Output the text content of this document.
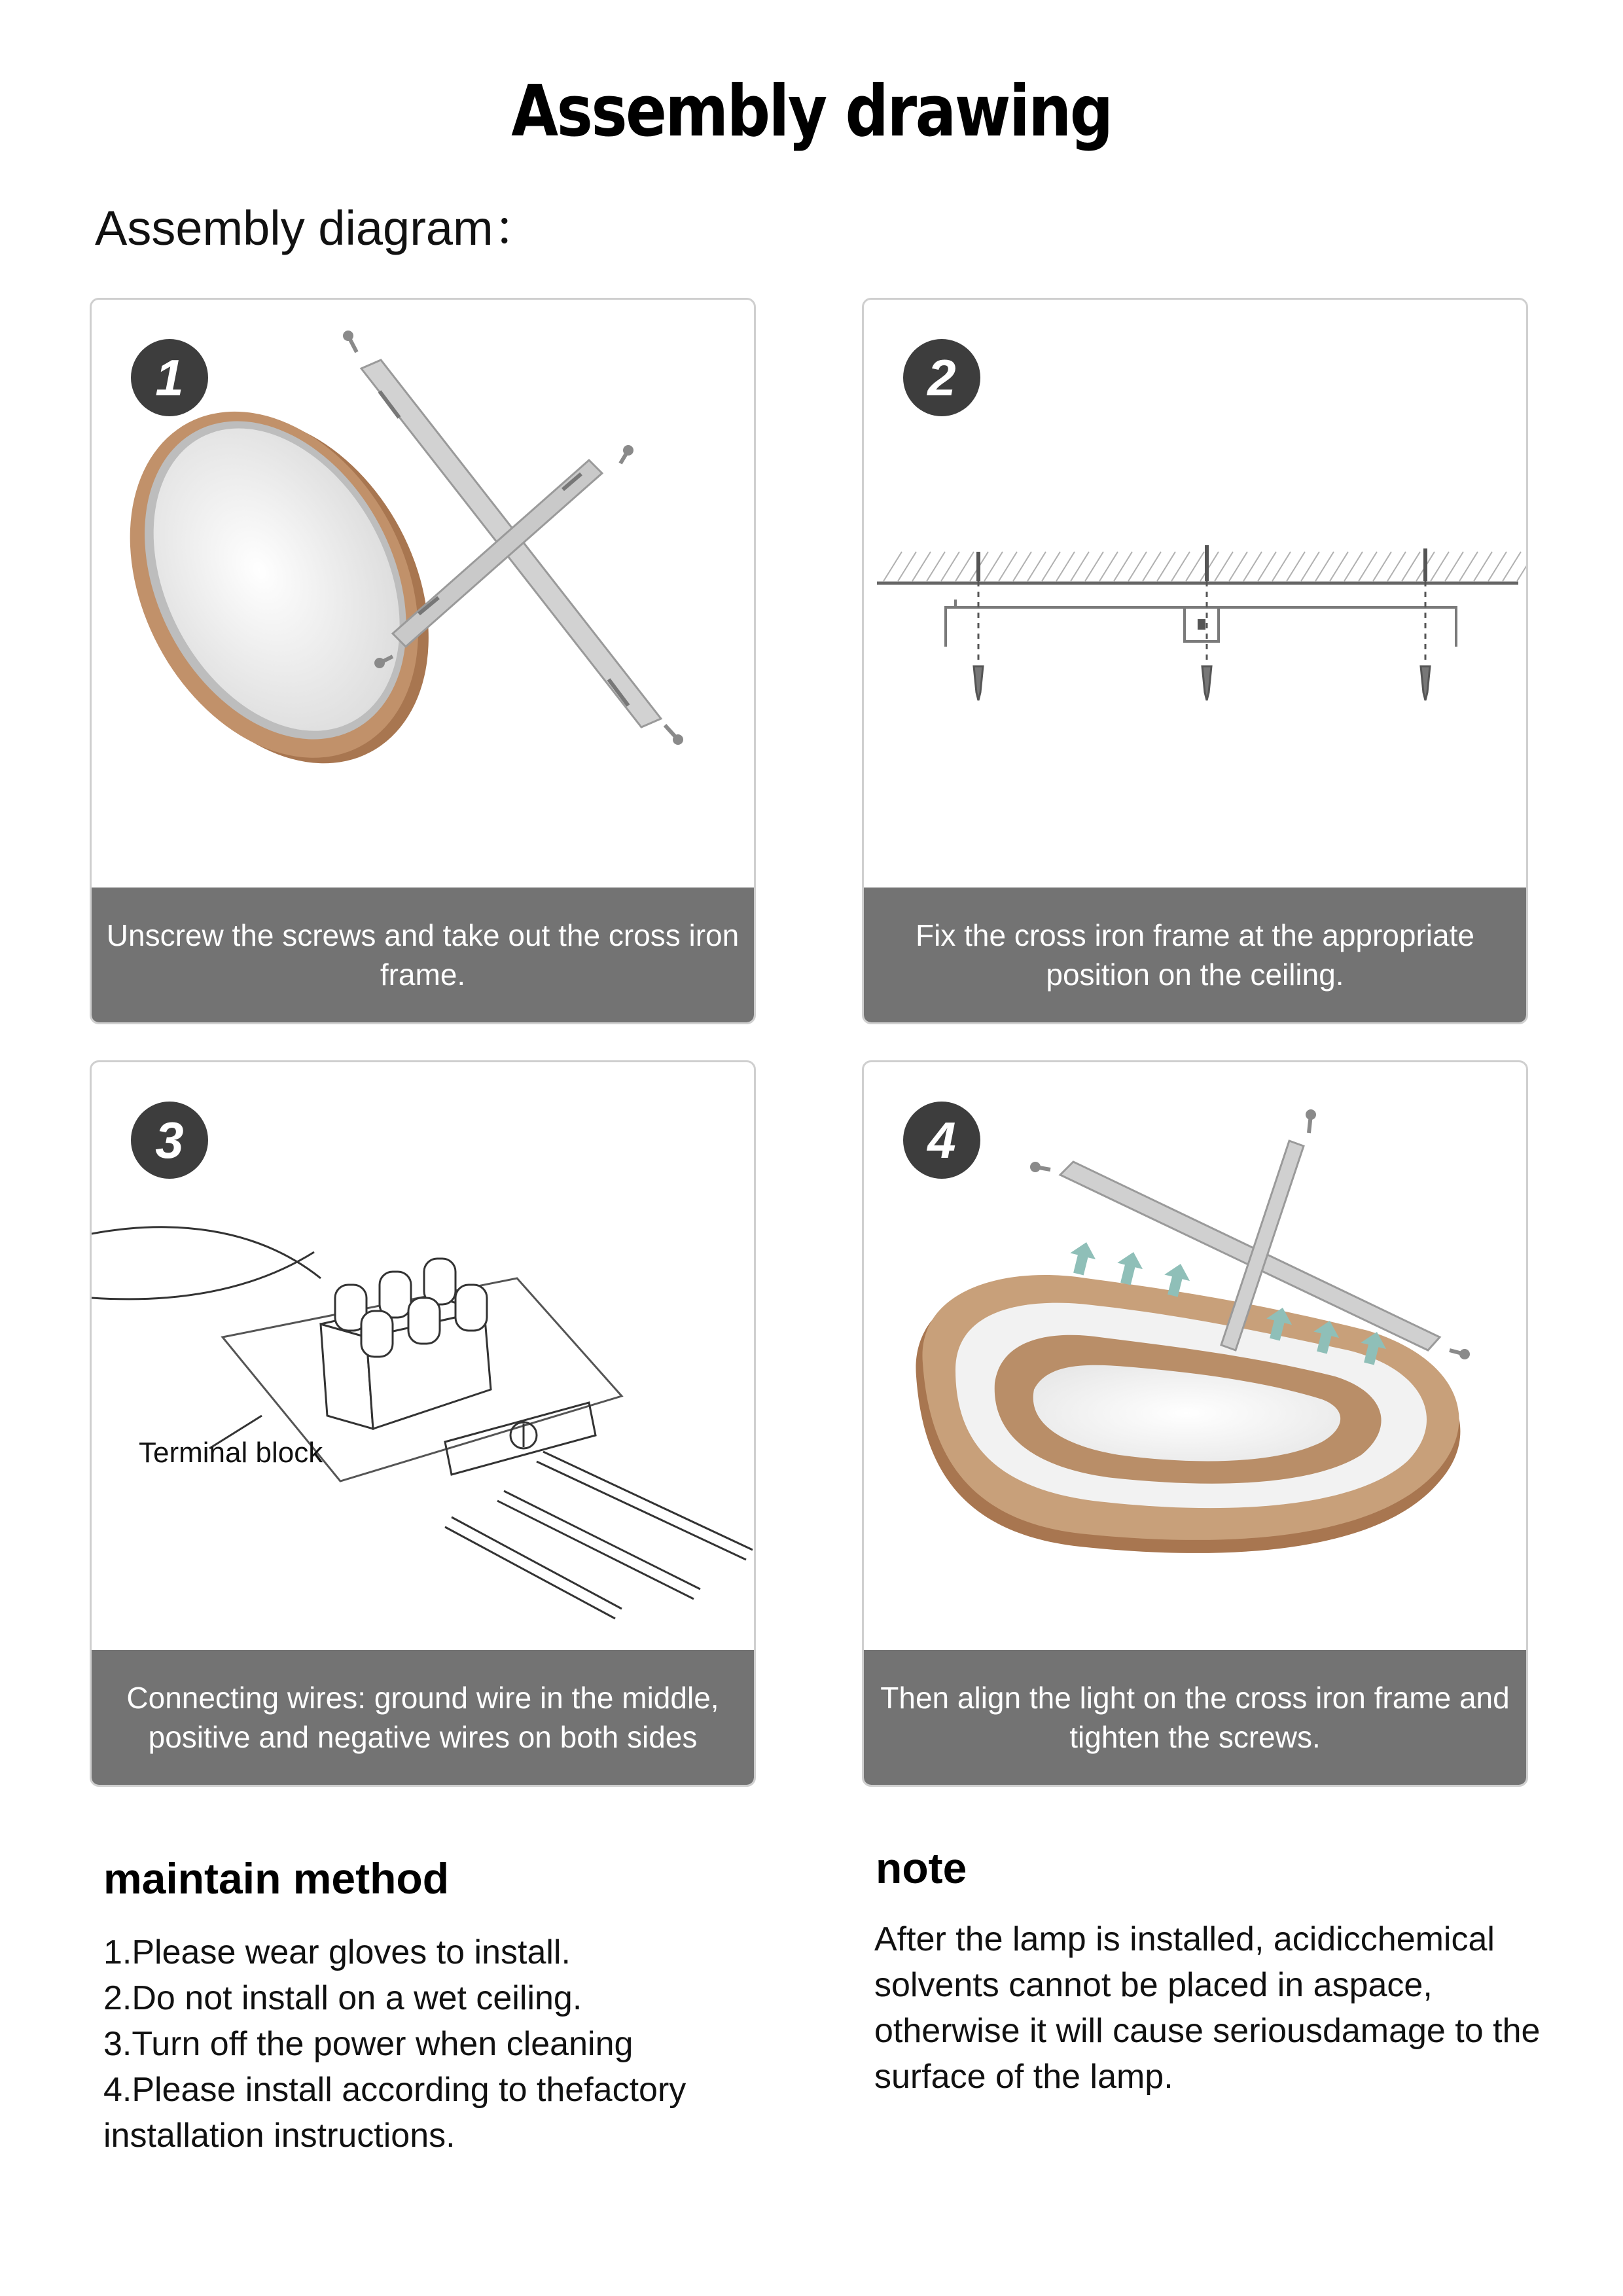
Assembly drawing
Assembly diagram：
1
Unscrew the screws and take out the cross iron frame.
2
Fix the cross iron frame at the appropriate position on the ceiling.
Terminal block
3
Connecting wires: ground wire in the middle, positive and negative wires on both sides
4
Then align the light on the cross iron frame and tighten the screws.
maintain method
1.Please wear gloves to install.
2.Do not install on a wet ceiling.
3.Turn off the power when cleaning
4.Please install according to thefactory
installation instructions.
note
After the lamp is installed, acidicchemical solvents cannot be placed in aspace, otherwise it will cause seriousdamage to the surface of the lamp.
